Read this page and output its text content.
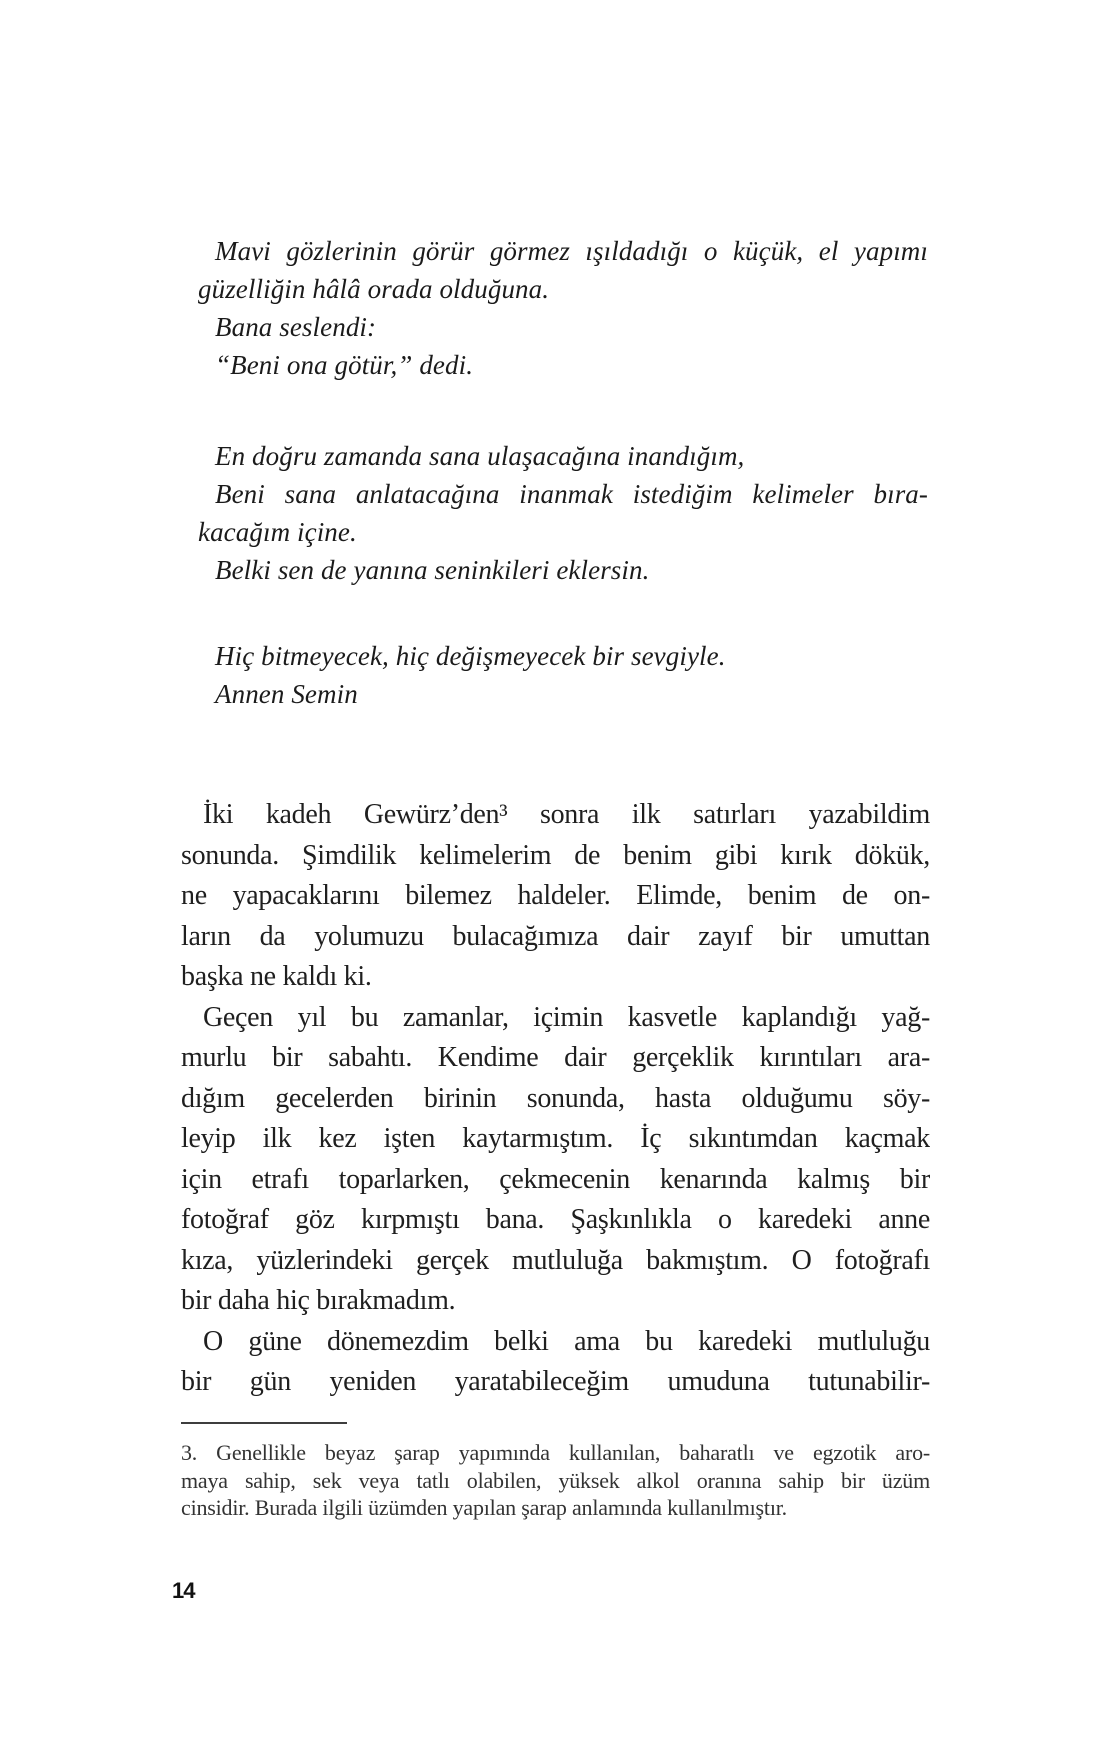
Mavi gözlerinin görür görmez ışıldadığı o küçük, el yapımı
güzelliğin hâlâ orada olduğuna.
Bana seslendi:
“Beni ona götür,” dedi.
En doğru zamanda sana ulaşacağına inandığım,
Beni sana anlatacağına inanmak istediğim kelimeler bıra-
kacağım içine.
Belki sen de yanına seninkileri eklersin.
Hiç bitmeyecek, hiç değişmeyecek bir sevgiyle.
Annen Semin
İki kadeh Gewürz’den³ sonra ilk satırları yazabildim
sonunda. Şimdilik kelimelerim de benim gibi kırık dökük,
ne yapacaklarını bilemez haldeler. Elimde, benim de on-
ların da yolumuzu bulacağımıza dair zayıf bir umuttan
başka ne kaldı ki.
Geçen yıl bu zamanlar, içimin kasvetle kaplandığı yağ-
murlu bir sabahtı. Kendime dair gerçeklik kırıntıları ara-
dığım gecelerden birinin sonunda, hasta olduğumu söy-
leyip ilk kez işten kaytarmıştım. İç sıkıntımdan kaçmak
için etrafı toparlarken, çekmecenin kenarında kalmış bir
fotoğraf göz kırpmıştı bana. Şaşkınlıkla o karedeki anne
kıza, yüzlerindeki gerçek mutluluğa bakmıştım. O fotoğrafı
bir daha hiç bırakmadım.
O güne dönemezdim belki ama bu karedeki mutluluğu
bir gün yeniden yaratabileceğim umuduna tutunabilir-
3. Genellikle beyaz şarap yapımında kullanılan, baharatlı ve egzotik aro-
maya sahip, sek veya tatlı olabilen, yüksek alkol oranına sahip bir üzüm
cinsidir. Burada ilgili üzümden yapılan şarap anlamında kullanılmıştır.
14
